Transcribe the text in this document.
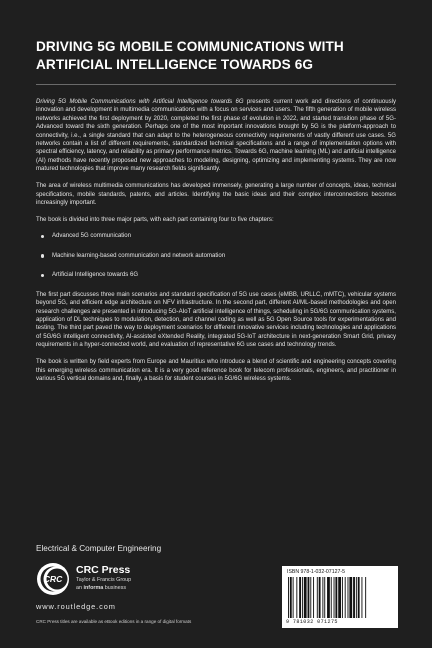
DRIVING 5G MOBILE COMMUNICATIONS WITH ARTIFICIAL INTELLIGENCE TOWARDS 6G

Driving 5G Mobile Communications with Artificial Intelligence towards 6G presents current work and directions of continuously innovation and development in multimedia communications with a focus on services and users. The fifth generation of mobile wireless networks achieved the first deployment by 2020, completed the first phase of evolution in 2022, and started transition phase of 5G-Advanced toward the sixth generation. Perhaps one of the most important innovations brought by 5G is the platform-approach to connectivity, i.e., a single standard that can adapt to the heterogeneous connectivity requirements of vastly different use cases. 5G networks contain a list of different requirements, standardized technical specifications and a range of implementation options with spectral efficiency, latency, and reliability as primary performance metrics. Towards 6G, machine learning (ML) and artificial intelligence (AI) methods have recently proposed new approaches to modeling, designing, optimizing and implementing systems. They are now matured technologies that improve many research fields significantly.

The area of wireless multimedia communications has developed immensely, generating a large number of concepts, ideas, technical specifications, mobile standards, patents, and articles. Identifying the basic ideas and their complex interconnections becomes increasingly important.

The book is divided into three major parts, with each part containing four to five chapters:

Advanced 5G communication
Machine learning-based communication and network automation
Artificial Intelligence towards 6G

The first part discusses three main scenarios and standard specification of 5G use cases (eMBB, URLLC, mMTC), vehicular systems beyond 5G, and efficient edge architecture on NFV infrastructure. In the second part, different AI/ML-based methodologies and open research challenges are presented in introducing 5G-AIoT artificial intelligence of things, scheduling in 5G/6G communication systems, application of DL techniques to modulation, detection, and channel coding as well as 5G Open Source tools for experimentations and testing. The third part paved the way to deployment scenarios for different innovative services including technologies and applications of 5G/6G intelligent connectivity, AI-assisted eXtended Reality, integrated 5G-IoT architecture in next-generation Smart Grid, privacy requirements in a hyper-connected world, and evaluation of representative 6G use cases and technology trends.

The book is written by field experts from Europe and Mauritius who introduce a blend of scientific and engineering concepts covering this emerging wireless communication era. It is a very good reference book for telecom professionals, engineers, and practitioner in various 5G vertical domains and, finally, a basis for student courses in 5G/6G wireless systems.

Electrical & Computer Engineering
CRC
CRC Press
Taylor & Francis Group
an informa business
www.routledge.com
CRC Press titles are available as eBook editions in a range of digital formats
ISBN 978-1-032-07127-5
9 781032 071275
